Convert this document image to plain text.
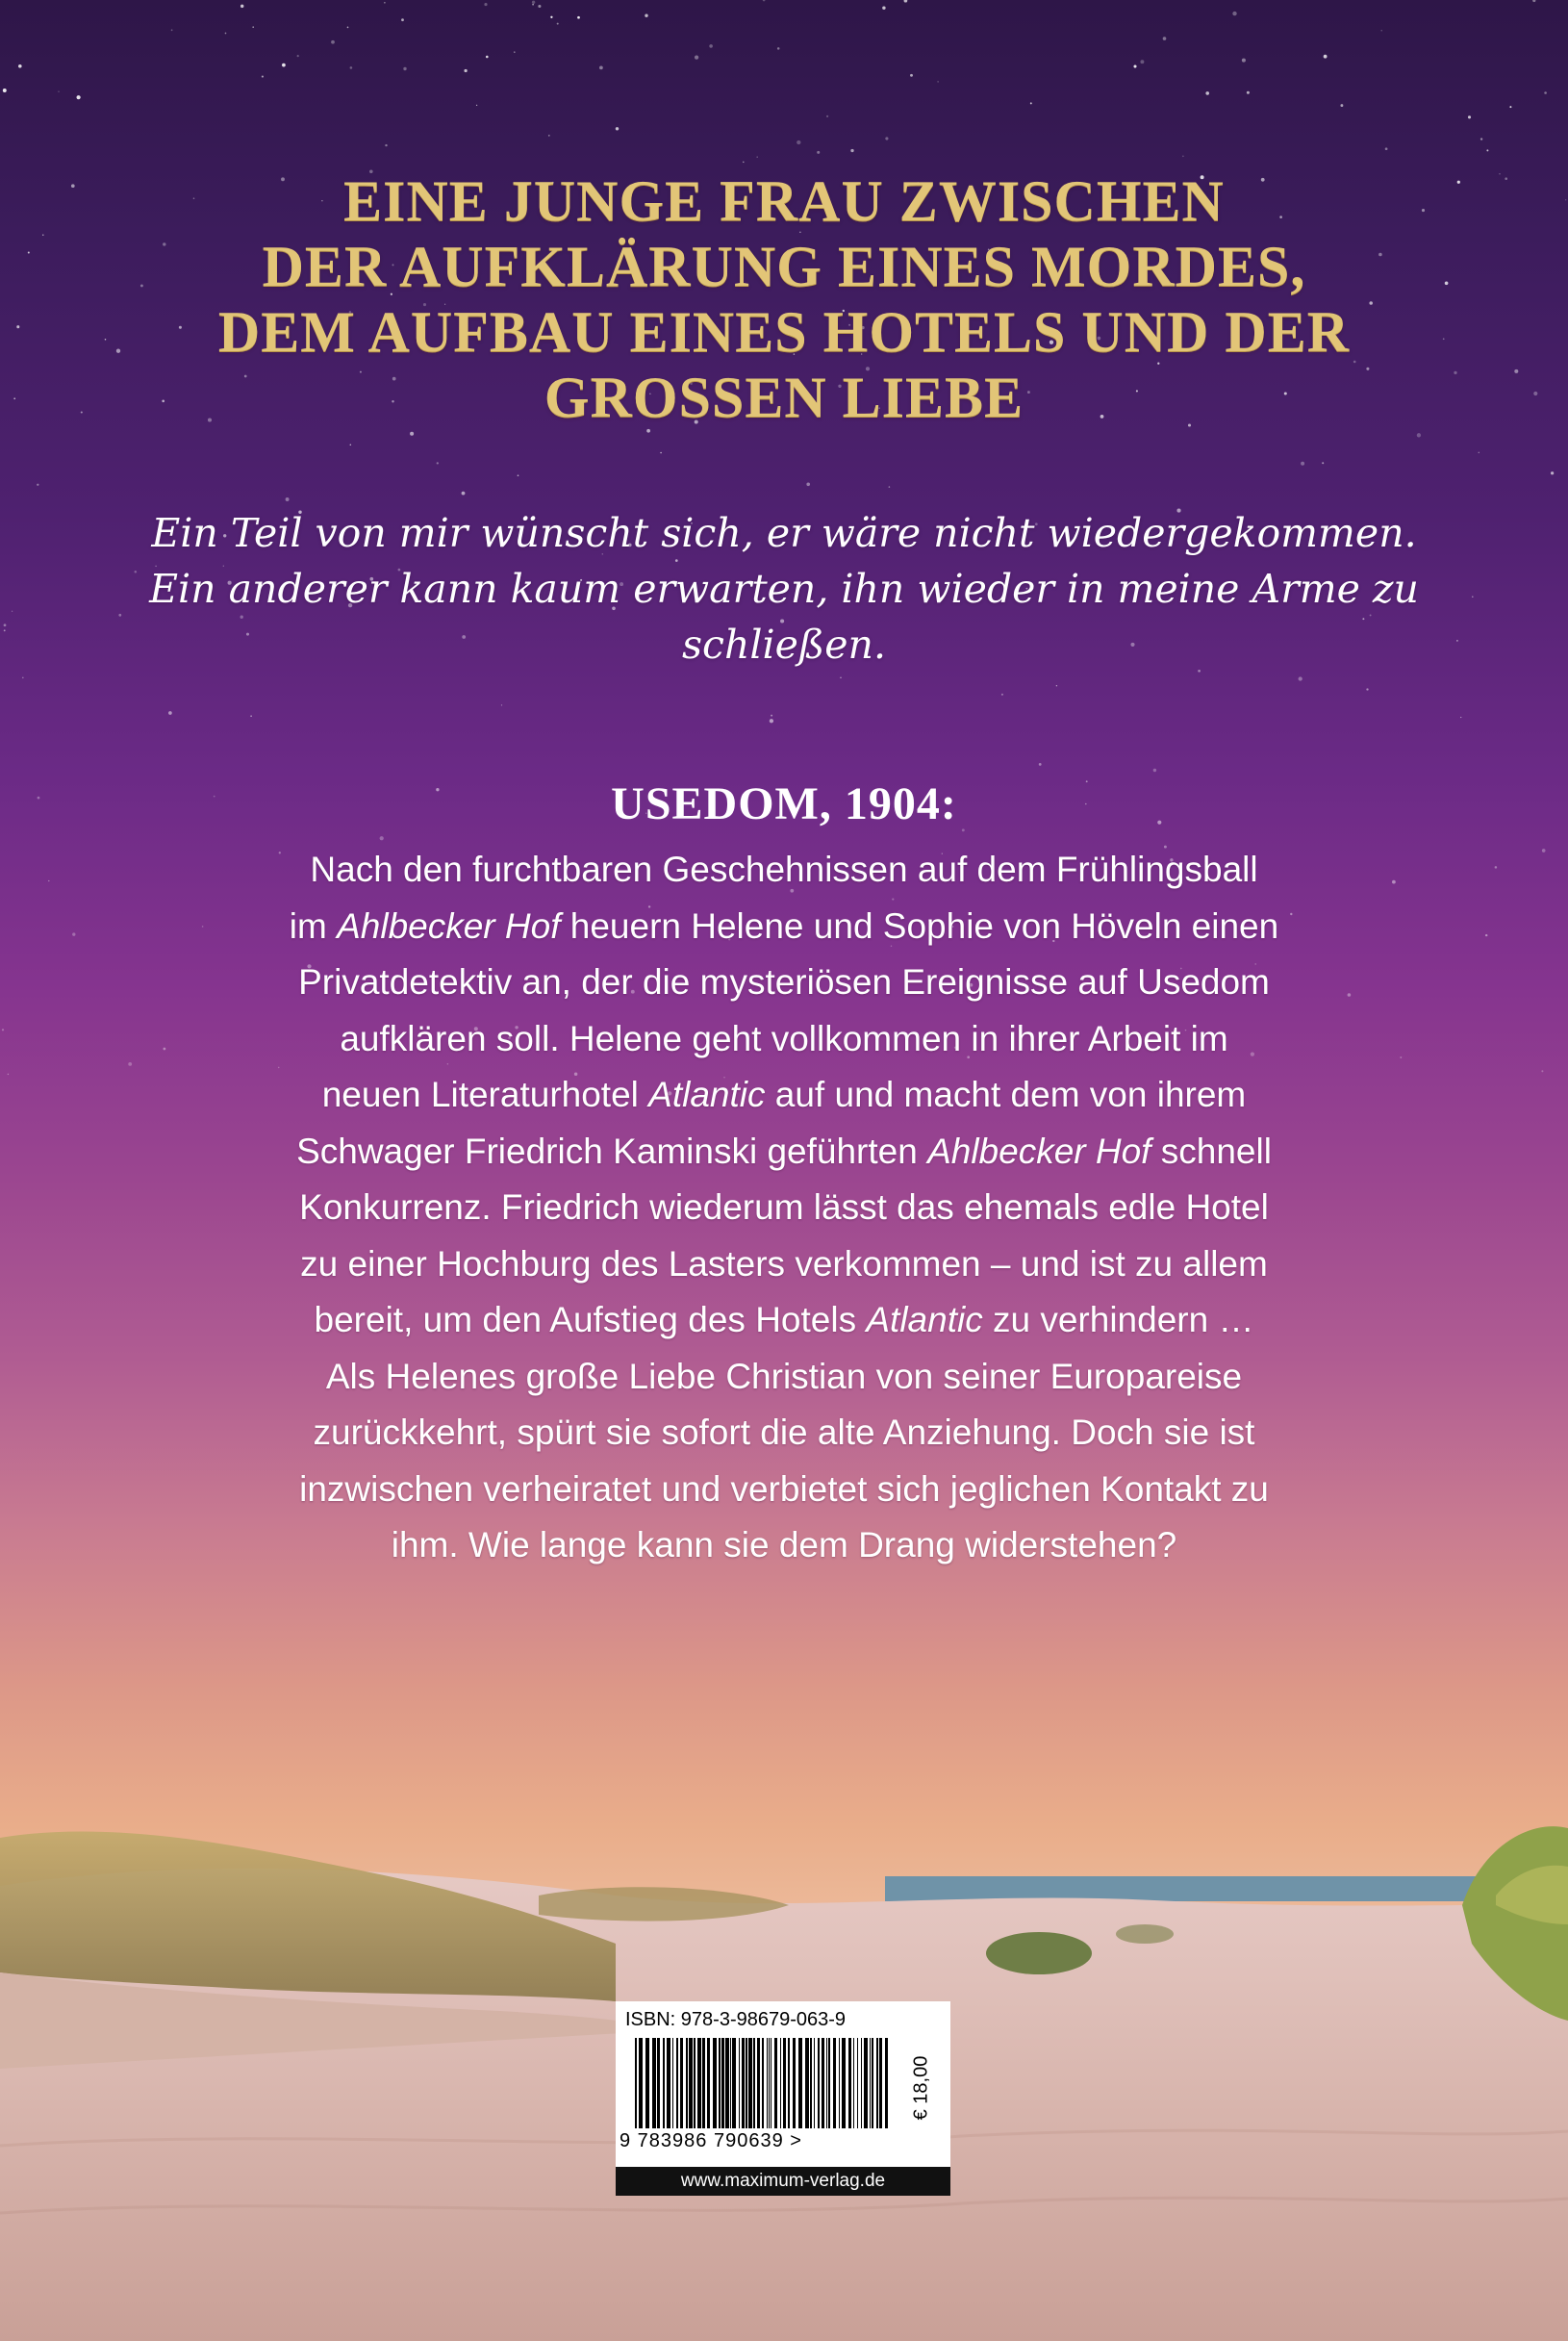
EINE JUNGE FRAU ZWISCHEN
DER AUFKLÄRUNG EINES MORDES,
DEM AUFBAU EINES HOTELS UND DER
GROSSEN LIEBE

Ein Teil von mir wünscht sich, er wäre nicht wiedergekommen.
Ein anderer kann kaum erwarten, ihn wieder in meine Arme zu
schließen.

USEDOM, 1904:

Nach den furchtbaren Geschehnissen auf dem Frühlingsball
im Ahlbecker Hof heuern Helene und Sophie von Höveln einen
Privatdetektiv an, der die mysteriösen Ereignisse auf Usedom
aufklären soll. Helene geht vollkommen in ihrer Arbeit im
neuen Literaturhotel Atlantic auf und macht dem von ihrem
Schwager Friedrich Kaminski geführten Ahlbecker Hof schnell
Konkurrenz. Friedrich wiederum lässt das ehemals edle Hotel
zu einer Hochburg des Lasters verkommen – und ist zu allem
bereit, um den Aufstieg des Hotels Atlantic zu verhindern …
Als Helenes große Liebe Christian von seiner Europareise
zurückkehrt, spürt sie sofort die alte Anziehung. Doch sie ist
inzwischen verheiratet und verbietet sich jeglichen Kontakt zu
ihm. Wie lange kann sie dem Drang widerstehen?

ISBN: 978-3-98679-063-9
9 783986 790639 >
€ 18,00
www.maximum-verlag.de
